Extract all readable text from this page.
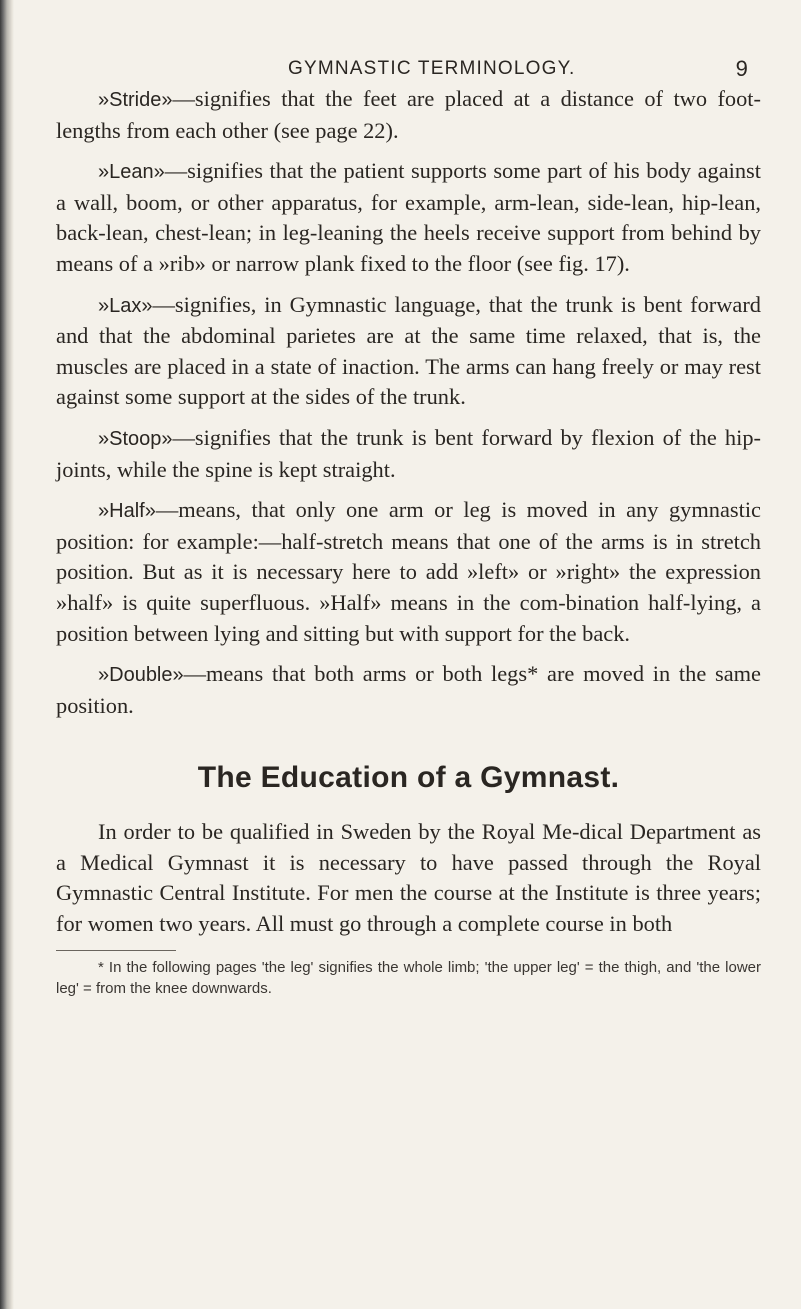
GYMNASTIC TERMINOLOGY.	9

»Stride»—signifies that the feet are placed at a distance of two foot-lengths from each other (see page 22).

»Lean»—signifies that the patient supports some part of his body against a wall, boom, or other apparatus, for example, arm-lean, side-lean, hip-lean, back-lean, chest-lean; in leg-leaning the heels receive support from behind by means of a »rib» or narrow plank fixed to the floor (see fig. 17).

»Lax»—signifies, in Gymnastic language, that the trunk is bent forward and that the abdominal parietes are at the same time relaxed, that is, the muscles are placed in a state of inaction. The arms can hang freely or may rest against some support at the sides of the trunk.

»Stoop»—signifies that the trunk is bent forward by flexion of the hip-joints, while the spine is kept straight.

»Half»—means, that only one arm or leg is moved in any gymnastic position: for example:—half-stretch means that one of the arms is in stretch position. But as it is necessary here to add »left» or »right» the expression »half» is quite superfluous. »Half» means in the com-bination half-lying, a position between lying and sitting but with support for the back.

»Double»—means that both arms or both legs* are moved in the same position.

The Education of a Gymnast.

In order to be qualified in Sweden by the Royal Me-dical Department as a Medical Gymnast it is necessary to have passed through the Royal Gymnastic Central Institute. For men the course at the Institute is three years; for women two years. All must go through a complete course in both

* In the following pages 'the leg' signifies the whole limb; 'the upper leg' = the thigh, and 'the lower leg' = from the knee downwards.
